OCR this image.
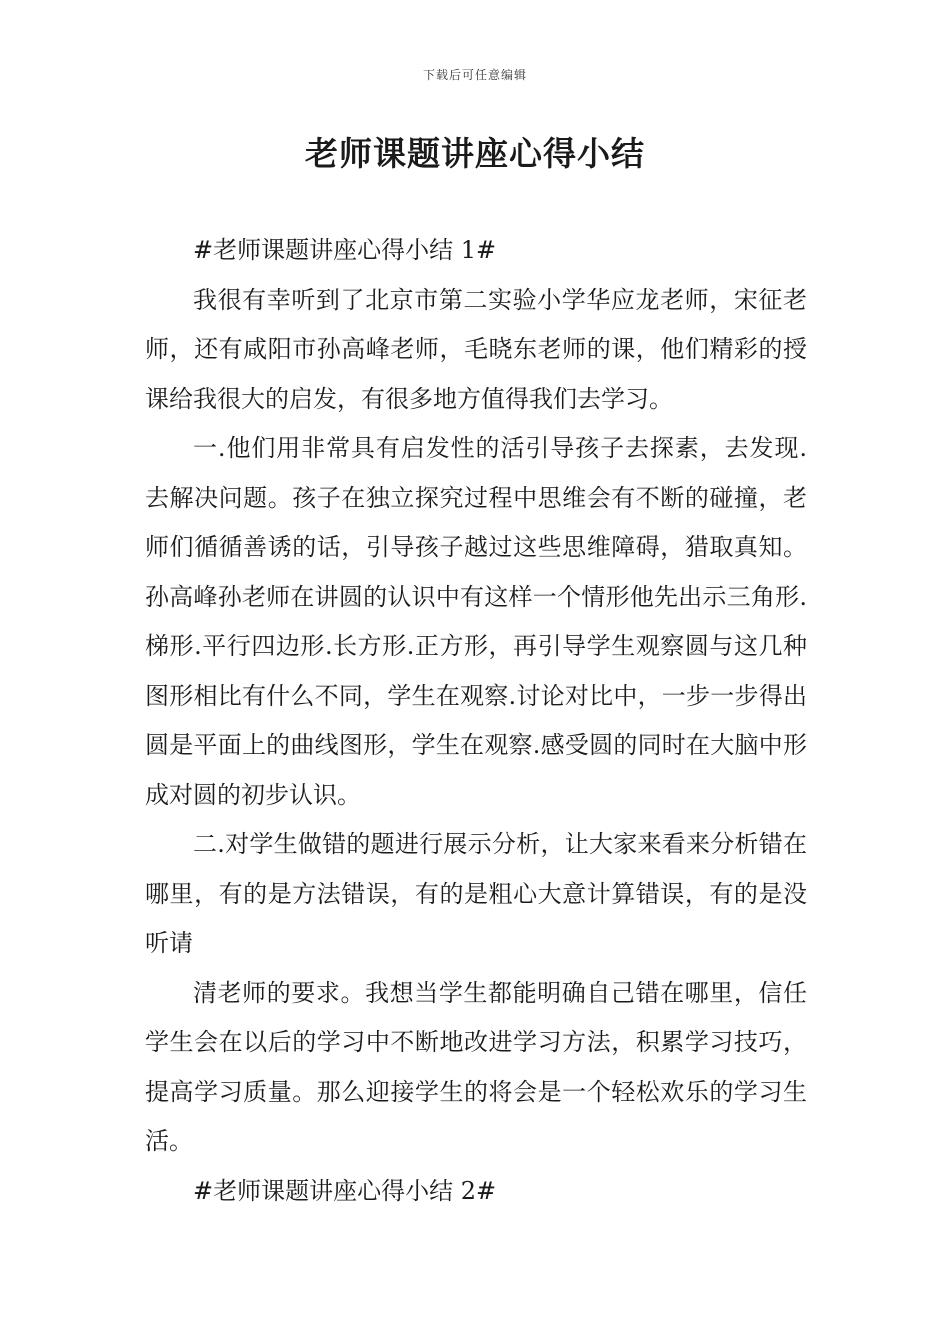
下载后可任意编辑
老师课题讲座心得小结

#老师课题讲座心得小结 1#

我很有幸听到了北京市第二实验小学华应龙老师，宋征老师，还有咸阳市孙高峰老师，毛晓东老师的课，他们精彩的授课给我很大的启发，有很多地方值得我们去学习。

一.他们用非常具有启发性的活引导孩子去探素，去发现.去解决问题。孩子在独立探究过程中思维会有不断的碰撞，老师们循循善诱的话，引导孩子越过这些思维障碍，猎取真知。孙高峰孙老师在讲圆的认识中有这样一个情形他先出示三角形.梯形.平行四边形.长方形.正方形，再引导学生观察圆与这几种图形相比有什么不同，学生在观察.讨论对比中，一步一步得出圆是平面上的曲线图形，学生在观察.感受圆的同时在大脑中形成对圆的初步认识。

二.对学生做错的题进行展示分析，让大家来看来分析错在哪里，有的是方法错误，有的是粗心大意计算错误，有的是没听请

清老师的要求。我想当学生都能明确自己错在哪里，信任学生会在以后的学习中不断地改进学习方法，积累学习技巧，提高学习质量。那么迎接学生的将会是一个轻松欢乐的学习生活。

#老师课题讲座心得小结 2#
